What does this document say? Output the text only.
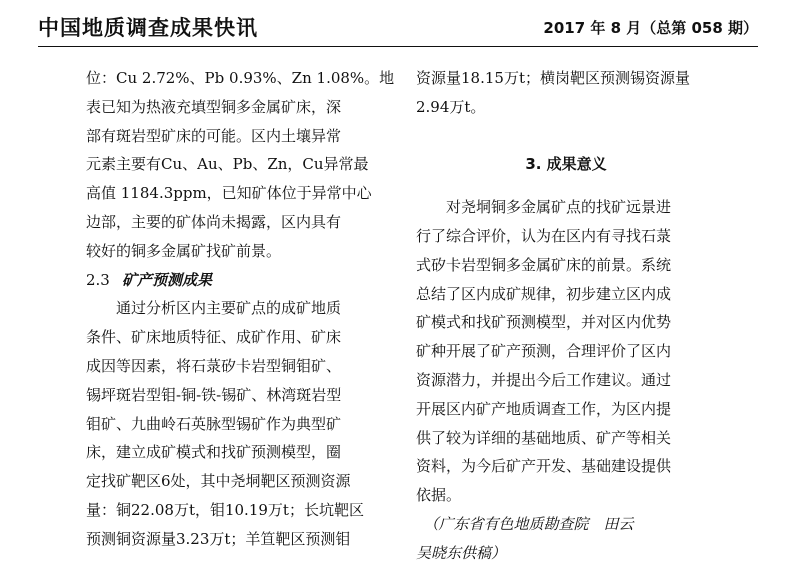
中国地质调查成果快讯	2017 年 8 月（总第 058 期）
位：Cu 2.72%、Pb 0.93%、Zn 1.08%。地
表已知为热液充填型铜多金属矿床，深
部有斑岩型矿床的可能。区内土壤异常
元素主要有Cu、Au、Pb、Zn，Cu异常最
高值 1184.3ppm，已知矿体位于异常中心
边部，主要的矿体尚未揭露，区内具有
较好的铜多金属矿找矿前景。
2.3 矿产预测成果
　　通过分析区内主要矿点的成矿地质
条件、矿床地质特征、成矿作用、矿床
成因等因素，将石菉矽卡岩型铜钼矿、
锡坪斑岩型钼-铜-铁-锡矿、林湾斑岩型
钼矿、九曲岭石英脉型锡矿作为典型矿
床，建立成矿模式和找矿预测模型，圈
定找矿靶区6处，其中尧垌靶区预测资源
量：铜22.08万t，钼10.19万t；长坑靶区
预测铜资源量3.23万t；羊笪靶区预测钼
资源量18.15万t；横岗靶区预测锡资源量
2.94万t。
3. 成果意义
　　对尧垌铜多金属矿点的找矿远景进
行了综合评价，认为在区内有寻找石菉
式矽卡岩型铜多金属矿床的前景。系统
总结了区内成矿规律，初步建立区内成
矿模式和找矿预测模型，并对区内优势
矿种开展了矿产预测，合理评价了区内
资源潜力，并提出今后工作建议。通过
开展区内矿产地质调查工作，为区内提
供了较为详细的基础地质、矿产等相关
资料，为今后矿产开发、基础建设提供
依据。
　（广东省有色地质勘查院　田云
吴晓东供稿）
